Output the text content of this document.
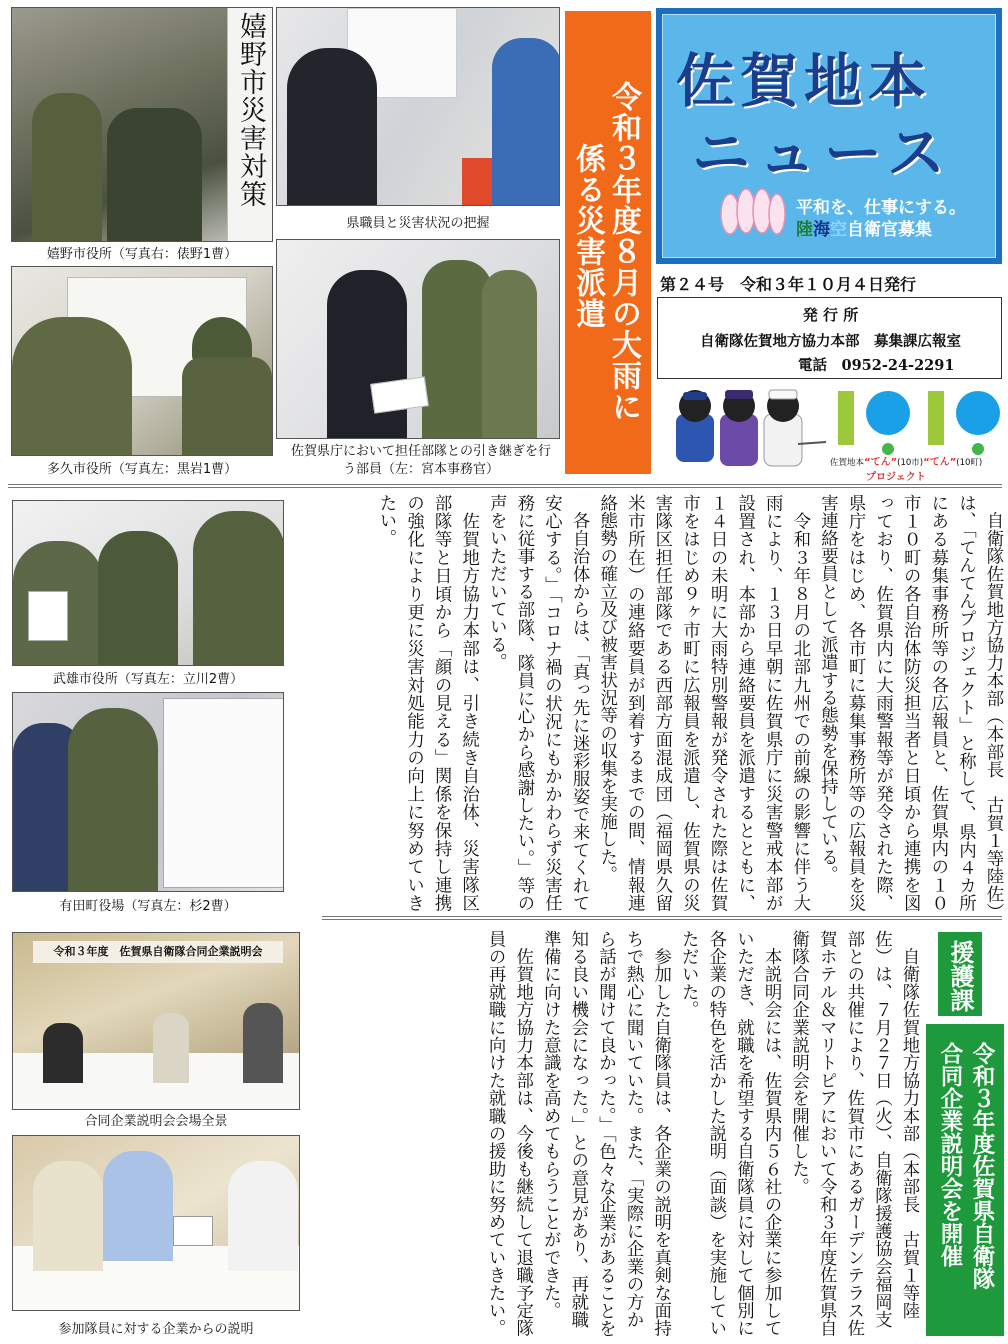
嬉野市災害対策
嬉野市役所（写真右：俵野1曹）
県職員と災害状況の把握
多久市役所（写真左：黒岩1曹）
佐賀県庁において担任部隊との引き継ぎを行う部員（左：宮本事務官）
令和３年度８月の大雨に
係る災害派遣
佐賀地本
ニュース
平和を、仕事にする。
陸海空自衛官募集
第２４号　令和３年１０月４日発行
発 行 所
自衛隊佐賀地方協力本部　募集課広報室
電話　0952-24-2291
佐賀地本“てん”(10市)“てん”(10町)
プロジェクト
武雄市役所（写真左：立川2曹）
有田町役場（写真左：杉2曹）
　自衛隊佐賀地方協力本部（本部長　古賀１等陸佐）は、「てんてんプロジェクト」と称して、県内４カ所にある募集事務所等の各広報員と、佐賀県内の１０市１０町の各自治体防災担当者と日頃から連携を図っており、佐賀県内に大雨警報等が発令された際、県庁をはじめ、各市町に募集事務所等の広報員を災害連絡要員として派遣する態勢を保持している。
　令和３年８月の北部九州での前線の影響に伴う大雨により、１３日早朝に佐賀県庁に災害警戒本部が設置され、本部から連絡要員を派遣するとともに、１４日の未明に大雨特別警報が発令された際は佐賀市をはじめ９ヶ市町に広報員を派遣し、佐賀県の災害隊区担任部隊である西部方面混成団（福岡県久留米市所在）の連絡要員が到着するまでの間、情報連絡態勢の確立及び被害状況等の収集を実施した。
　各自治体からは、「真っ先に迷彩服姿で来てくれて安心する。」「コロナ禍の状況にもかかわらず災害任務に従事する部隊、隊員に心から感謝したい。」等の声をいただいている。
　佐賀地方協力本部は、引き続き自治体、災害隊区部隊等と日頃から「顔の見える」関係を保持し連携の強化により更に災害対処能力の向上に努めていきたい。
令和３年度　佐賀県自衛隊合同企業説明会
合同企業説明会会場全景
参加隊員に対する企業からの説明
　自衛隊佐賀地方協力本部（本部長　古賀１等陸佐）は、７月２７日（火）、自衛隊援護協会福岡支部との共催により、佐賀市にあるガーデンテラス佐賀ホテル＆マリトピアにおいて令和３年度佐賀県自衛隊合同企業説明会を開催した。
　本説明会には、佐賀県内５６社の企業に参加していただき、就職を希望する自衛隊員に対して個別に各企業の特色を活かした説明（面談）を実施していただいた。
　参加した自衛隊員は、各企業の説明を真剣な面持ちで熱心に聞いていた。また、「実際に企業の方から話が聞けて良かった。」「色々な企業があることを知る良い機会になった。」との意見があり、再就職準備に向けた意識を高めてもらうことができた。
　佐賀地方協力本部は、今後も継続して退職予定隊員の再就職に向けた就職の援助に努めていきたい。	援護課
令和３年度佐賀県自衛隊
合同企業説明会を開催
